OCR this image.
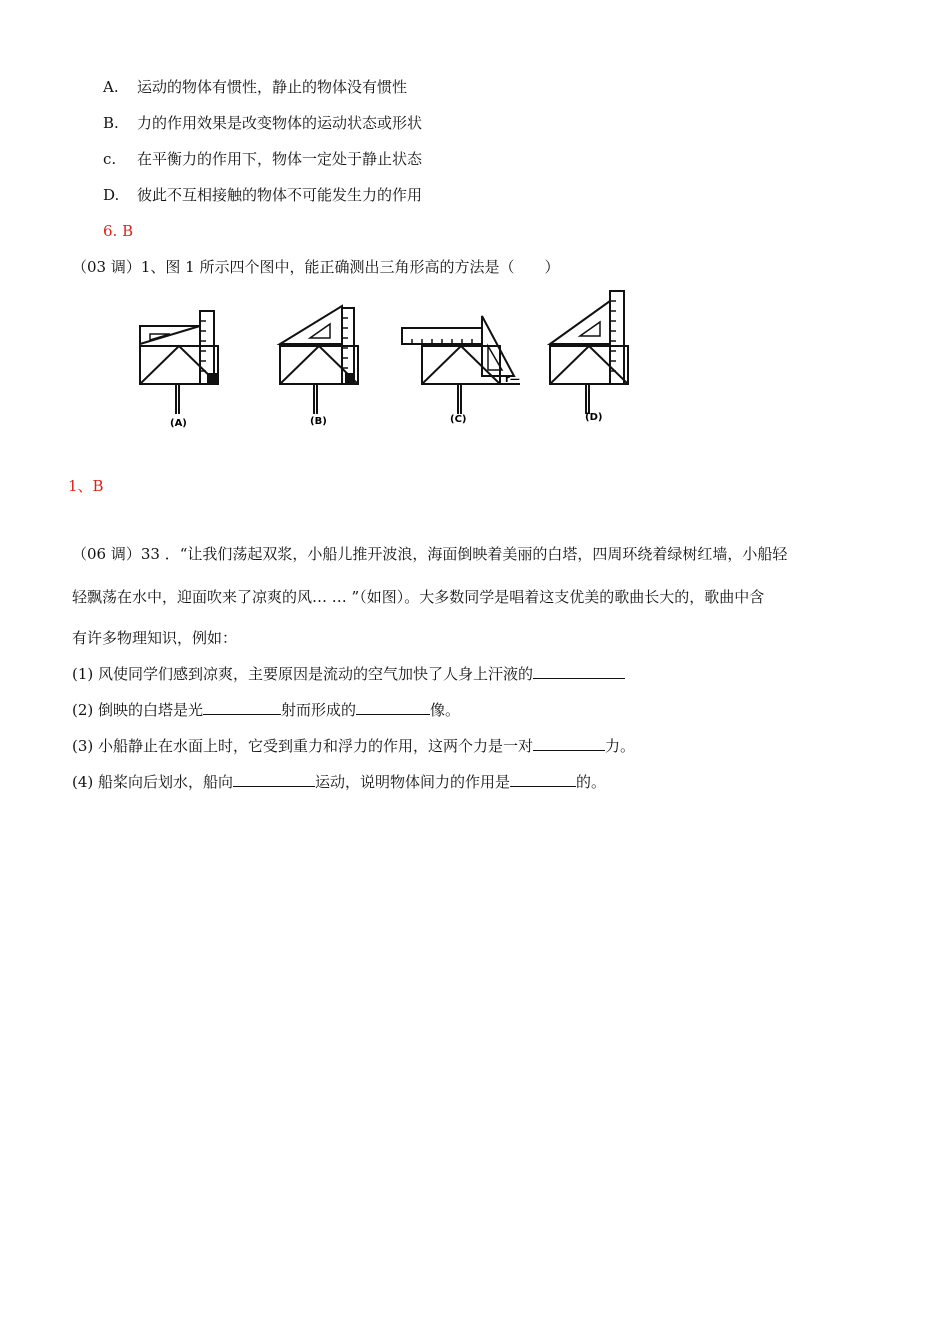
A. 运动的物体有惯性，静止的物体没有惯性
B. 力的作用效果是改变物体的运动状态或形状
c. 在平衡力的作用下，物体一定处于静止状态
D. 彼此不互相接触的物体不可能发生力的作用
6. B
（03 调）1、图 1 所示四个图中，能正确测出三角形高的方法是（　　）
r—
(A)	(B)	(C)	(D)
1、B
（06 调）33 ．“让我们荡起双浆，小船儿推开波浪，海面倒映着美丽的白塔，四周环绕着绿树红墙，小船轻
轻飘荡在水中，迎面吹来了凉爽的风… … ”（如图）。大多数同学是唱着这支优美的歌曲长大的，歌曲中含
有许多物理知识，例如：
(1) 风使同学们感到凉爽，主要原因是流动的空气加快了人身上汗液的
(2) 倒映的白塔是光	射而形成的	像。
(3) 小船静止在水面上时，它受到重力和浮力的作用，这两个力是一对	力。
(4) 船桨向后划水，船向	运动，说明物体间力的作用是	的。
